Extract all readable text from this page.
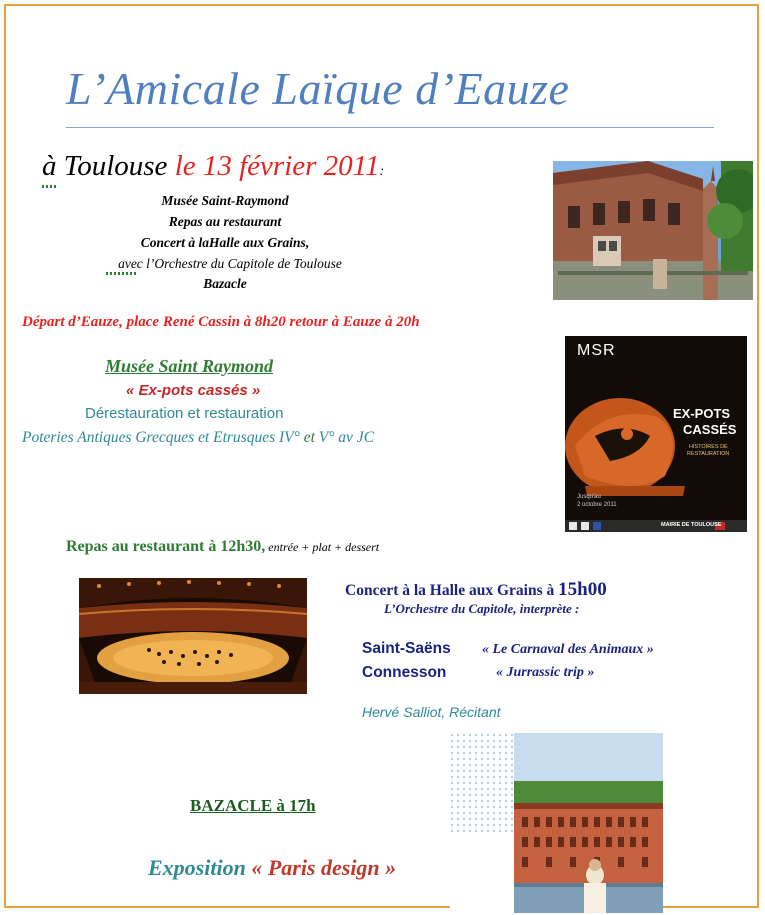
L’Amicale Laïque d’Eauze
à Toulouse le 13 février 2011:
Musée Saint-Raymond
Repas au restaurant
Concert à laHalle aux Grains,
avec l’Orchestre du Capitole de Toulouse
Bazacle
Départ d’Eauze, place René Cassin à 8h20 retour à Eauze à 20h
Musée Saint Raymond
« Ex-pots cassés »
Dérestauration et restauration
Poteries Antiques Grecques et Etrusques IV° et V° av JC
MSR
EX-POTS
CASSÉS
HISTOIRES DE
RESTAURATION
Jusqu'au
2 octobre 2011
MAIRIE DE TOULOUSE
Repas au restaurant à 12h30, entrée + plat + dessert
Concert à la Halle aux Grains à 15h00
L’Orchestre du Capitole, interprète :
Saint-Saëns « Le Carnaval des Animaux »
Connesson	« Jurrassic trip »
Hervé Salliot, Récitant
BAZACLE à 17h
Exposition « Paris design »
